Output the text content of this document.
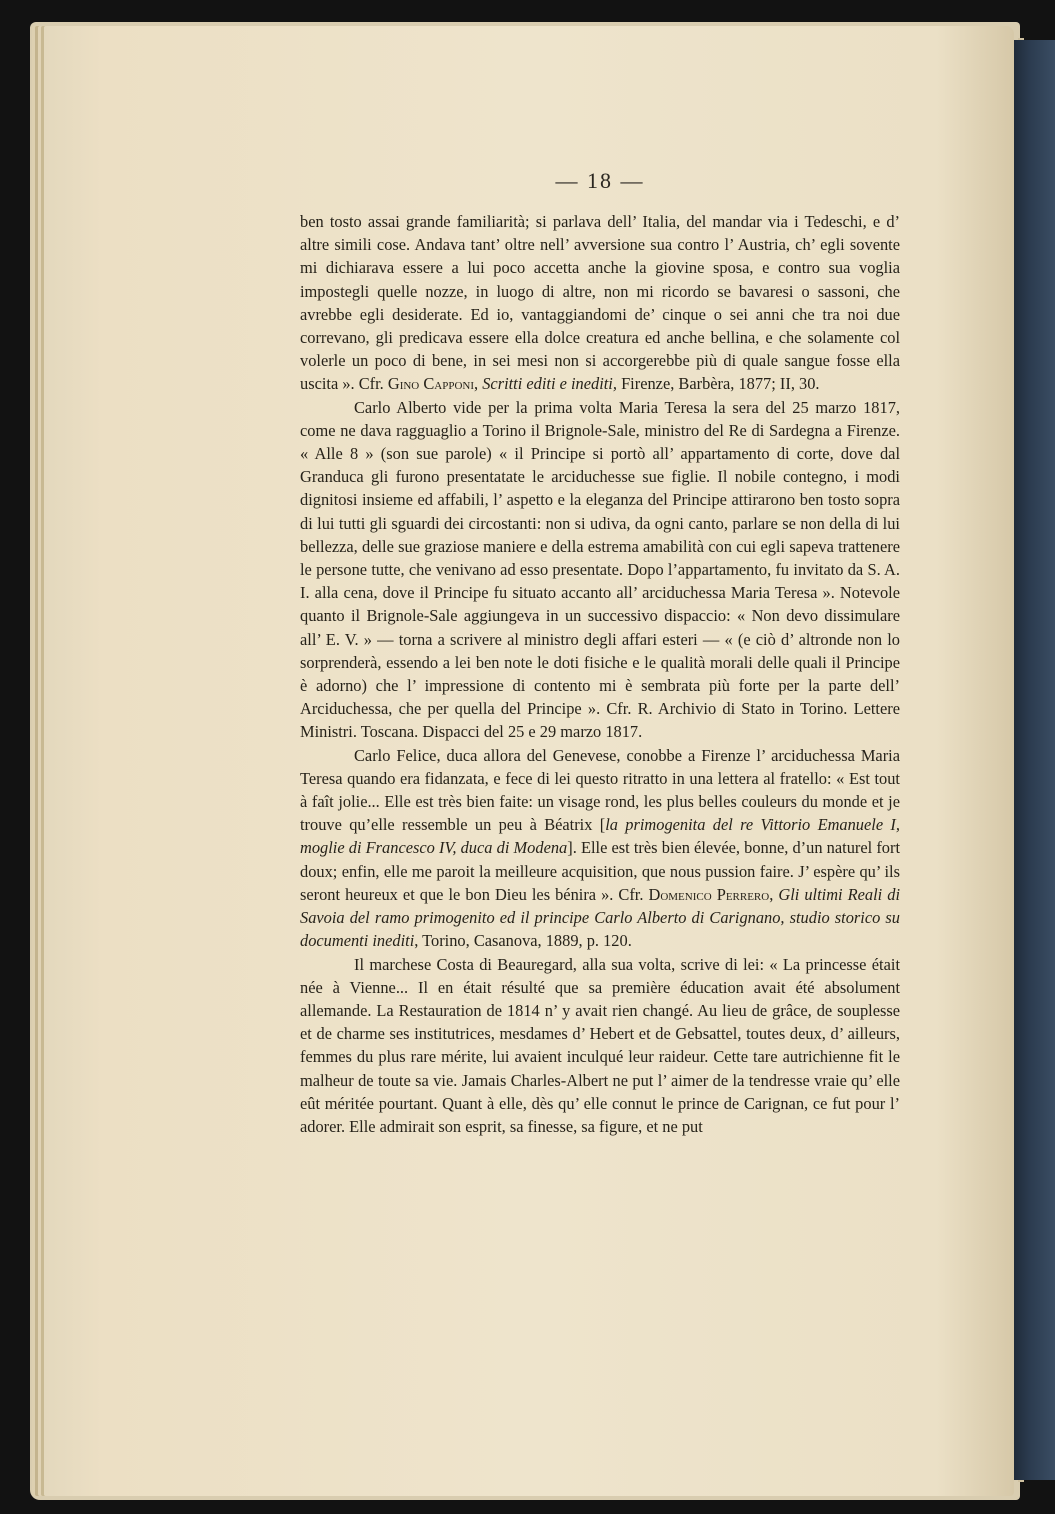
— 18 —

ben tosto assai grande familiarità; si parlava dell’ Italia, del mandar via i Tedeschi, e d’ altre simili cose. Andava tant’ oltre nell’ avversione sua contro l’ Austria, ch’ egli sovente mi dichiarava essere a lui poco accetta anche la giovine sposa, e contro sua voglia impostegli quelle nozze, in luogo di altre, non mi ricordo se bavaresi o sassoni, che avrebbe egli desiderate. Ed io, vantaggiandomi de’ cinque o sei anni che tra noi due correvano, gli predicava essere ella dolce creatura ed anche bellina, e che solamente col volerle un poco di bene, in sei mesi non si accorgerebbe più di quale sangue fosse ella uscita ». Cfr. Gino Capponi, Scritti editi e inediti, Firenze, Barbèra, 1877; II, 30.

Carlo Alberto vide per la prima volta Maria Teresa la sera del 25 marzo 1817, come ne dava ragguaglio a Torino il Brignole-Sale, ministro del Re di Sardegna a Firenze. « Alle 8 » (son sue parole) « il Principe si portò all’ appartamento di corte, dove dal Granduca gli furono presentatate le arciduchesse sue figlie. Il nobile contegno, i modi dignitosi insieme ed affabili, l’ aspetto e la eleganza del Principe attirarono ben tosto sopra di lui tutti gli sguardi dei circostanti: non si udiva, da ogni canto, parlare se non della di lui bellezza, delle sue graziose maniere e della estrema amabilità con cui egli sapeva trattenere le persone tutte, che venivano ad esso presentate. Dopo l’appartamento, fu invitato da S. A. I. alla cena, dove il Principe fu situato accanto all’ arciduchessa Maria Teresa ». Notevole quanto il Brignole-Sale aggiungeva in un successivo dispaccio: « Non devo dissimulare all’ E. V. » — torna a scrivere al ministro degli affari esteri — « (e ciò d’ altronde non lo sorprenderà, essendo a lei ben note le doti fisiche e le qualità morali delle quali il Principe è adorno) che l’ impressione di contento mi è sembrata più forte per la parte dell’ Arciduchessa, che per quella del Principe ». Cfr. R. Archivio di Stato in Torino. Lettere Ministri. Toscana. Dispacci del 25 e 29 marzo 1817.

Carlo Felice, duca allora del Genevese, conobbe a Firenze l’ arciduchessa Maria Teresa quando era fidanzata, e fece di lei questo ritratto in una lettera al fratello: « Est tout à faît jolie... Elle est très bien faite: un visage rond, les plus belles couleurs du monde et je trouve qu’elle ressemble un peu à Béatrix [la primogenita del re Vittorio Emanuele I, moglie di Francesco IV, duca di Modena]. Elle est très bien élevée, bonne, d’un naturel fort doux; enfin, elle me paroit la meilleure acquisition, que nous pussion faire. J’ espère qu’ ils seront heureux et que le bon Dieu les bénira ». Cfr. Domenico Perrero, Gli ultimi Reali di Savoia del ramo primogenito ed il principe Carlo Alberto di Carignano, studio storico su documenti inediti, Torino, Casanova, 1889, p. 120.

Il marchese Costa di Beauregard, alla sua volta, scrive di lei: « La princesse était née à Vienne... Il en était résulté que sa première éducation avait été absolument allemande. La Restauration de 1814 n’ y avait rien changé. Au lieu de grâce, de souplesse et de charme ses institutrices, mesdames d’ Hebert et de Gebsattel, toutes deux, d’ ailleurs, femmes du plus rare mérite, lui avaient inculqué leur raideur. Cette tare autrichienne fit le malheur de toute sa vie. Jamais Charles-Albert ne put l’ aimer de la tendresse vraie qu’ elle eût méritée pourtant. Quant à elle, dès qu’ elle connut le prince de Carignan, ce fut pour l’ adorer. Elle admirait son esprit, sa finesse, sa figure, et ne put
